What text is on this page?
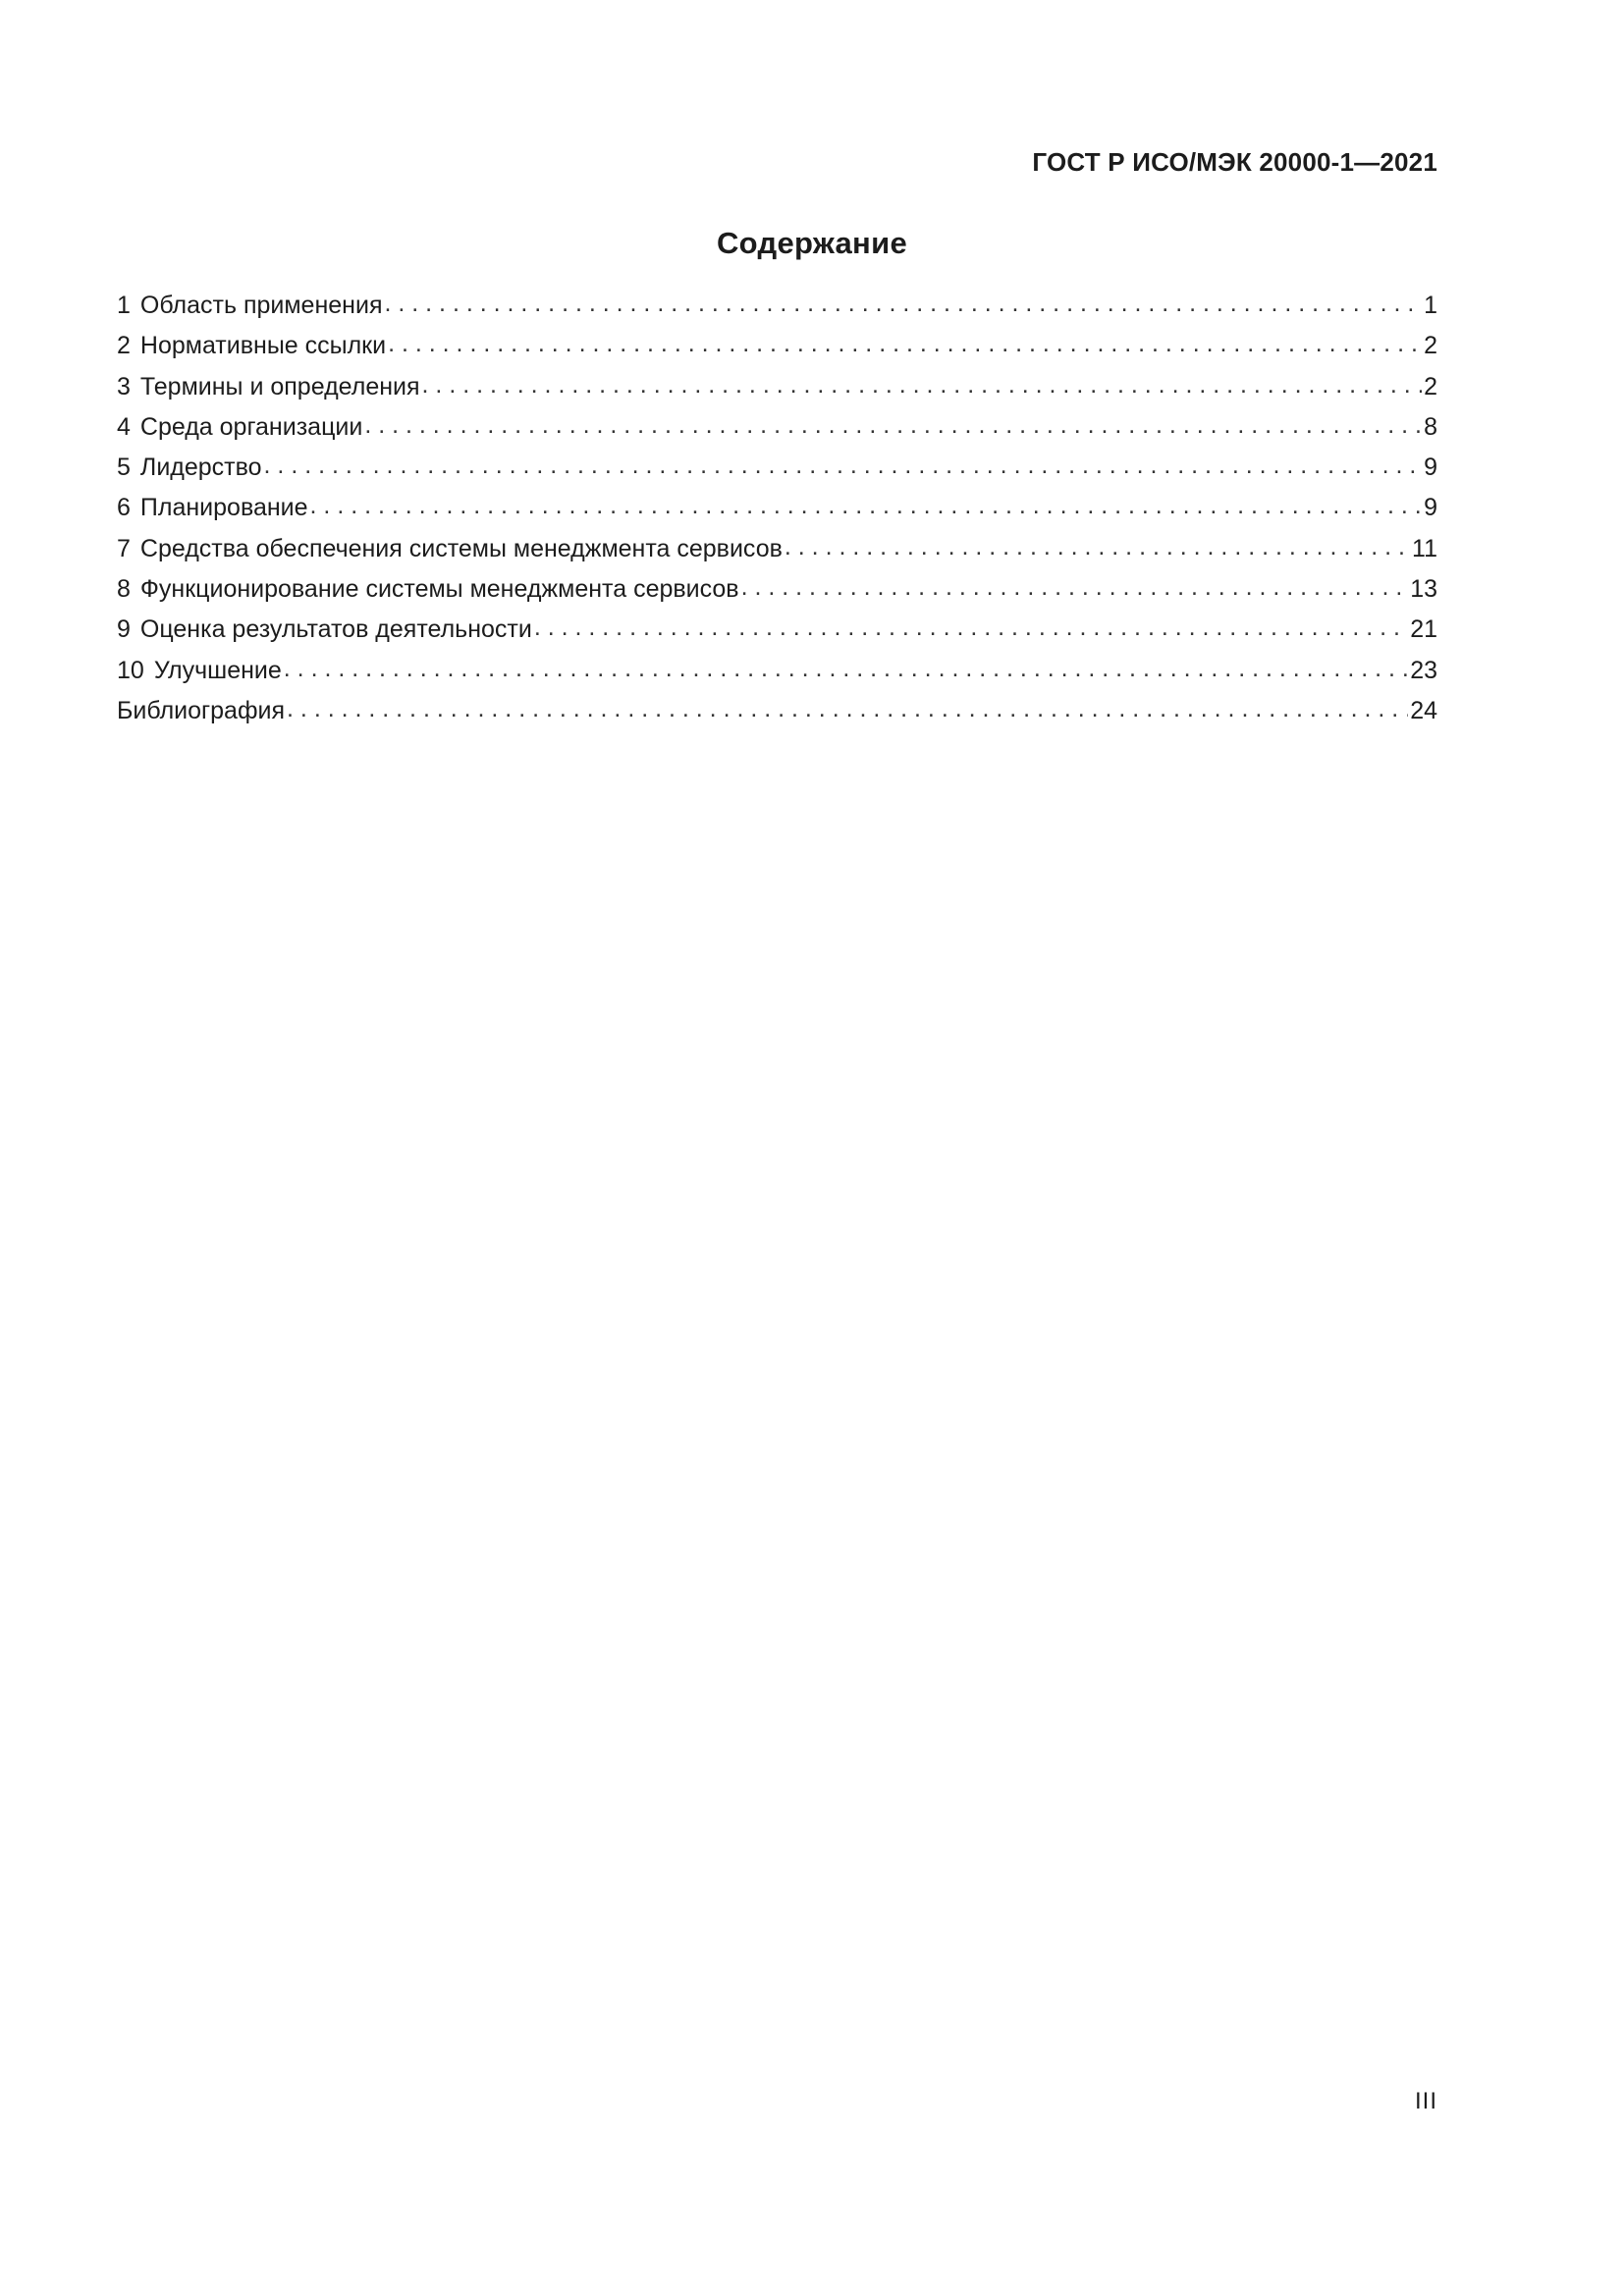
ГОСТ Р ИСО/МЭК 20000-1—2021
Содержание
1 Область применения . . .	1
2 Нормативные ссылки . . .	2
3 Термины и определения . . .	2
4 Среда организации . . .	8
5 Лидерство . . .	9
6 Планирование . . .	9
7 Средства обеспечения системы менеджмента сервисов . . .	11
8 Функционирование системы менеджмента сервисов . . .	13
9 Оценка результатов деятельности . . .	21
10 Улучшение . . .	23
Библиография . . .	24
III
